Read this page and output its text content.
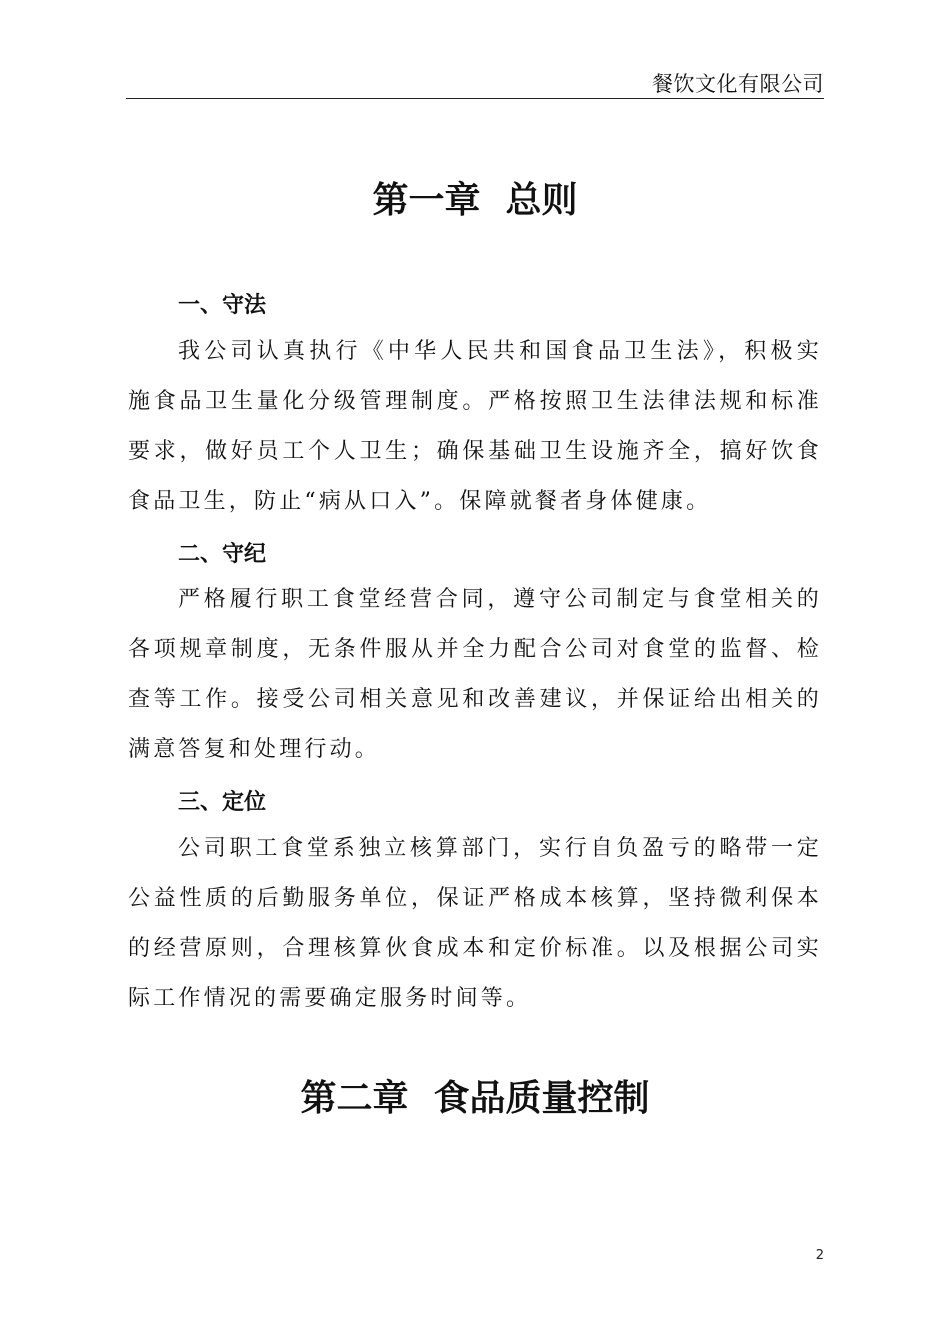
餐饮文化有限公司
第一章  总则
一、守法

我公司认真执行《中华人民共和国食品卫生法》，积极实施食品卫生量化分级管理制度。严格按照卫生法律法规和标准要求，做好员工个人卫生；确保基础卫生设施齐全，搞好饮食食品卫生，防止“病从口入”。保障就餐者身体健康。

二、守纪

严格履行职工食堂经营合同，遵守公司制定与食堂相关的各项规章制度，无条件服从并全力配合公司对食堂的监督、检查等工作。接受公司相关意见和改善建议，并保证给出相关的满意答复和处理行动。

三、定位

公司职工食堂系独立核算部门，实行自负盈亏的略带一定公益性质的后勤服务单位，保证严格成本核算，坚持微利保本的经营原则，合理核算伙食成本和定价标准。以及根据公司实际工作情况的需要确定服务时间等。

第二章  食品质量控制
2
